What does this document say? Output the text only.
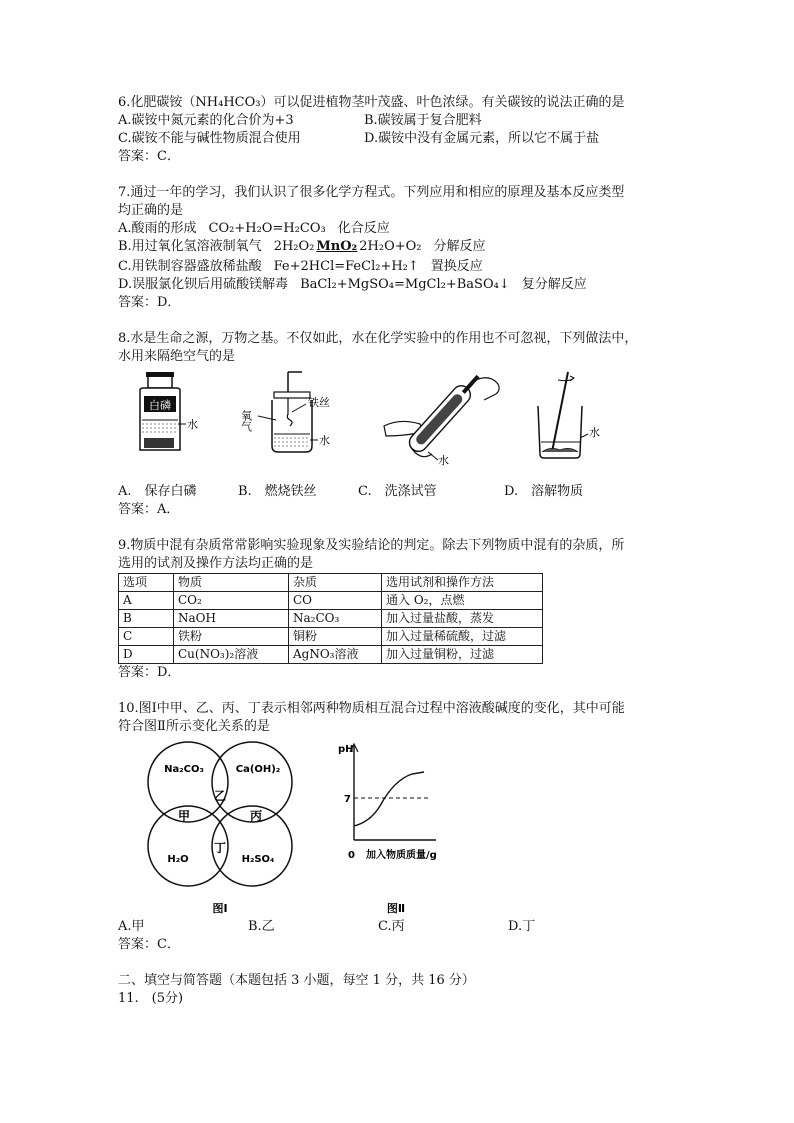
6.化肥碳铵（NH₄HCO₃）可以促进植物茎叶茂盛、叶色浓绿。有关碳铵的说法正确的是
A.碳铵中氮元素的化合价为+3	B.碳铵属于复合肥料
C.碳铵不能与碱性物质混合使用	D.碳铵中没有金属元素，所以它不属于盐
答案：C．
7.通过一年的学习，我们认识了很多化学方程式。下列应用和相应的原理及基本反应类型
均正确的是
A.酸雨的形成 CO₂+H₂O=H₂CO₃ 化合反应
B.用过氧化氢溶液制氧气 2H₂O₂ MnO₂ 2H₂O+O₂ 分解反应
C.用铁制容器盛放稀盐酸 Fe+2HCl=FeCl₂+H₂↑ 置换反应
D.误服氯化钡后用硫酸镁解毒 BaCl₂+MgSO₄=MgCl₂+BaSO₄↓ 复分解反应
答案：D．
8.水是生命之源，万物之基。不仅如此，水在化学实验中的作用也不可忽视，下列做法中，
水用来隔绝空气的是
白磷
水	氧气
铁丝
水
水
水
A.　保存白磷	B.　燃烧铁丝	C.　洗涤试管	D.　溶解物质
答案：A．
9.物质中混有杂质常常影响实验现象及实验结论的判定。除去下列物质中混有的杂质，所
选用的试剂及操作方法均正确的是
选项	物质	杂质	选用试剂和操作方法
A	CO₂	CO	通入 O₂，点燃
B	NaOH	Na₂CO₃	加入过量盐酸，蒸发
C	铁粉	铜粉	加入过量稀硫酸，过滤
D	Cu(NO₃)₂溶液	AgNO₃溶液	加入过量铜粉，过滤
答案：D．
10.图Ⅰ中甲、乙、丙、丁表示相邻两种物质相互混合过程中溶液酸碱度的变化，其中可能
符合图Ⅱ所示变化关系的是
Na₂CO₃	Ca(OH)₂
H₂O	H₂SO₄
乙
甲	丙
丁
图Ⅰ
pH
7
0 加入物质质量/g
图Ⅱ
A.甲	B.乙	C.丙	D.丁
答案：C．
二、填空与简答题（本题包括 3 小题，每空 1 分，共 16 分）
11.　(5分)
